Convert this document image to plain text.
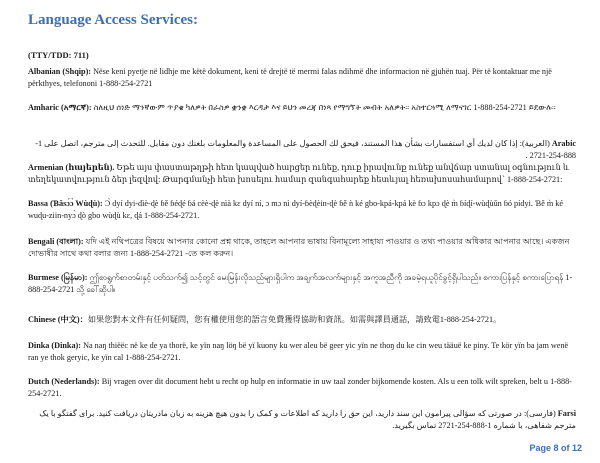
Language Access Services:
(TTY/TDD: 711)
Albanian (Shqip): Nëse keni pyetje në lidhje me këtë dokument, keni të drejtë të merrni falas ndihmë dhe informacion në gjuhën tuaj. Për të kontaktuar me një përkthyes, telefononi 1-888-254-2721
Amharic (አማርኛ): ስለዚህ ሰነድ ማንኛውም ጥያቄ ካለዎት በራስዎ ቋንቋ እርዳታ እና ይህን መረጃ በነጻ የማግኘት መብት አለዎት። አስተርጓሚ ለማናገር 1-888-254-2721 ይደውሉ።
Arabic (العربية): إذا كان لديك أي استفسارات بشأن هذا المستند، فيحق لك الحصول على المساعدة والمعلومات بلغتك دون مقابل. للتحدث إلى مترجم، اتصل على 1-888-254-2721 .
Armenian (հայերեն). Եթե այս փաստաթղթի հետ կապված հարցեր ունեք, դուք իրավունք ունեք անվճար ստանալ օգնություն և տեղեկատվություն ձեր լեզվով: Թարգմանչի հետ խոսելու համար զանգահարեք հետևյալ հեռախոսահամարով՝ 1-888-254-2721:
Bassa (Ɓǎsɔ́ɔ̀ Wùɖù): Ɔ̀ dyí dyi-dìè-ɖè ɓě ɓéɖé ɓá cèè-ɖè nìà kɛ dyí ní, ɔ mɔ nì dyí-ɓèɖèin-ɖè ɓě ǹ ké gbo-kpá-kpá kè ɓɔ kpɔ ɖè m̀ ɓíɖí-wùɖùǔn ɓó pídyi. Ɓě m̀ ké wuɖu-ziin-nyɔ̀ ɖò gbo wùɖù kɛ, ɖá 1-888-254-2721.
Bengali (বাংলা): যদি এই নথিপত্রের বিষয়ে আপনার কোনো প্রশ্ন থাকে, তাহলে আপনার ভাষায় বিনামূল্যে সাহায্য পাওয়ার ও তথ্য পাওয়ার অধিকার আপনার আছে। একজন দোভাষীর সাথে কথা বলার জন্য 1-888-254-2721 -তে কল করুন।
Burmese (မြန်မာ): ဤစာရွက်စာတမ်းနှင့် ပတ်သက်၍ သင့်တွင် မေးမြန်းလိုသည်များရှိပါက အချက်အလက်များနှင့် အကူအညီကို အခမဲ့ရယူပိုင်ခွင့်ရှိပါသည်။ စကားပြန်နှင့် စကားပြောရန် 1-888-254-2721 သို့ ခေါ်ဆိုပါ။
Chinese (中文)：如果您對本文件有任何疑問，您有權使用您的語言免費獲得協助和資訊。如需與譯員通話，請致電1-888-254-2721。
Dinka (Dinka): Na naŋ thiëëc në ke de ya thorë, ke yïn naŋ löŋ bë yï kuony ku wer aleu bë geer yic yïn ne thoŋ du ke cin weu tääuë ke piny. Te kör yïn ba jam wenë ran ye thok geryic, ke yïn cal 1-888-254-2721.
Dutch (Nederlands): Bij vragen over dit document hebt u recht op hulp en informatie in uw taal zonder bijkomende kosten. Als u een tolk wilt spreken, belt u 1-888-254-2721.
Farsi (فارسی): در صورتی که سؤالی پیرامون این سند دارید، این حق را دارید که اطلاعات و کمک را بدون هیچ هزینه به زبان مادریتان دریافت کنید. برای گفتگو با یک مترجم شفاهی، با شماره 1-888-254-2721 تماس بگیرید.
Page 8 of 12
